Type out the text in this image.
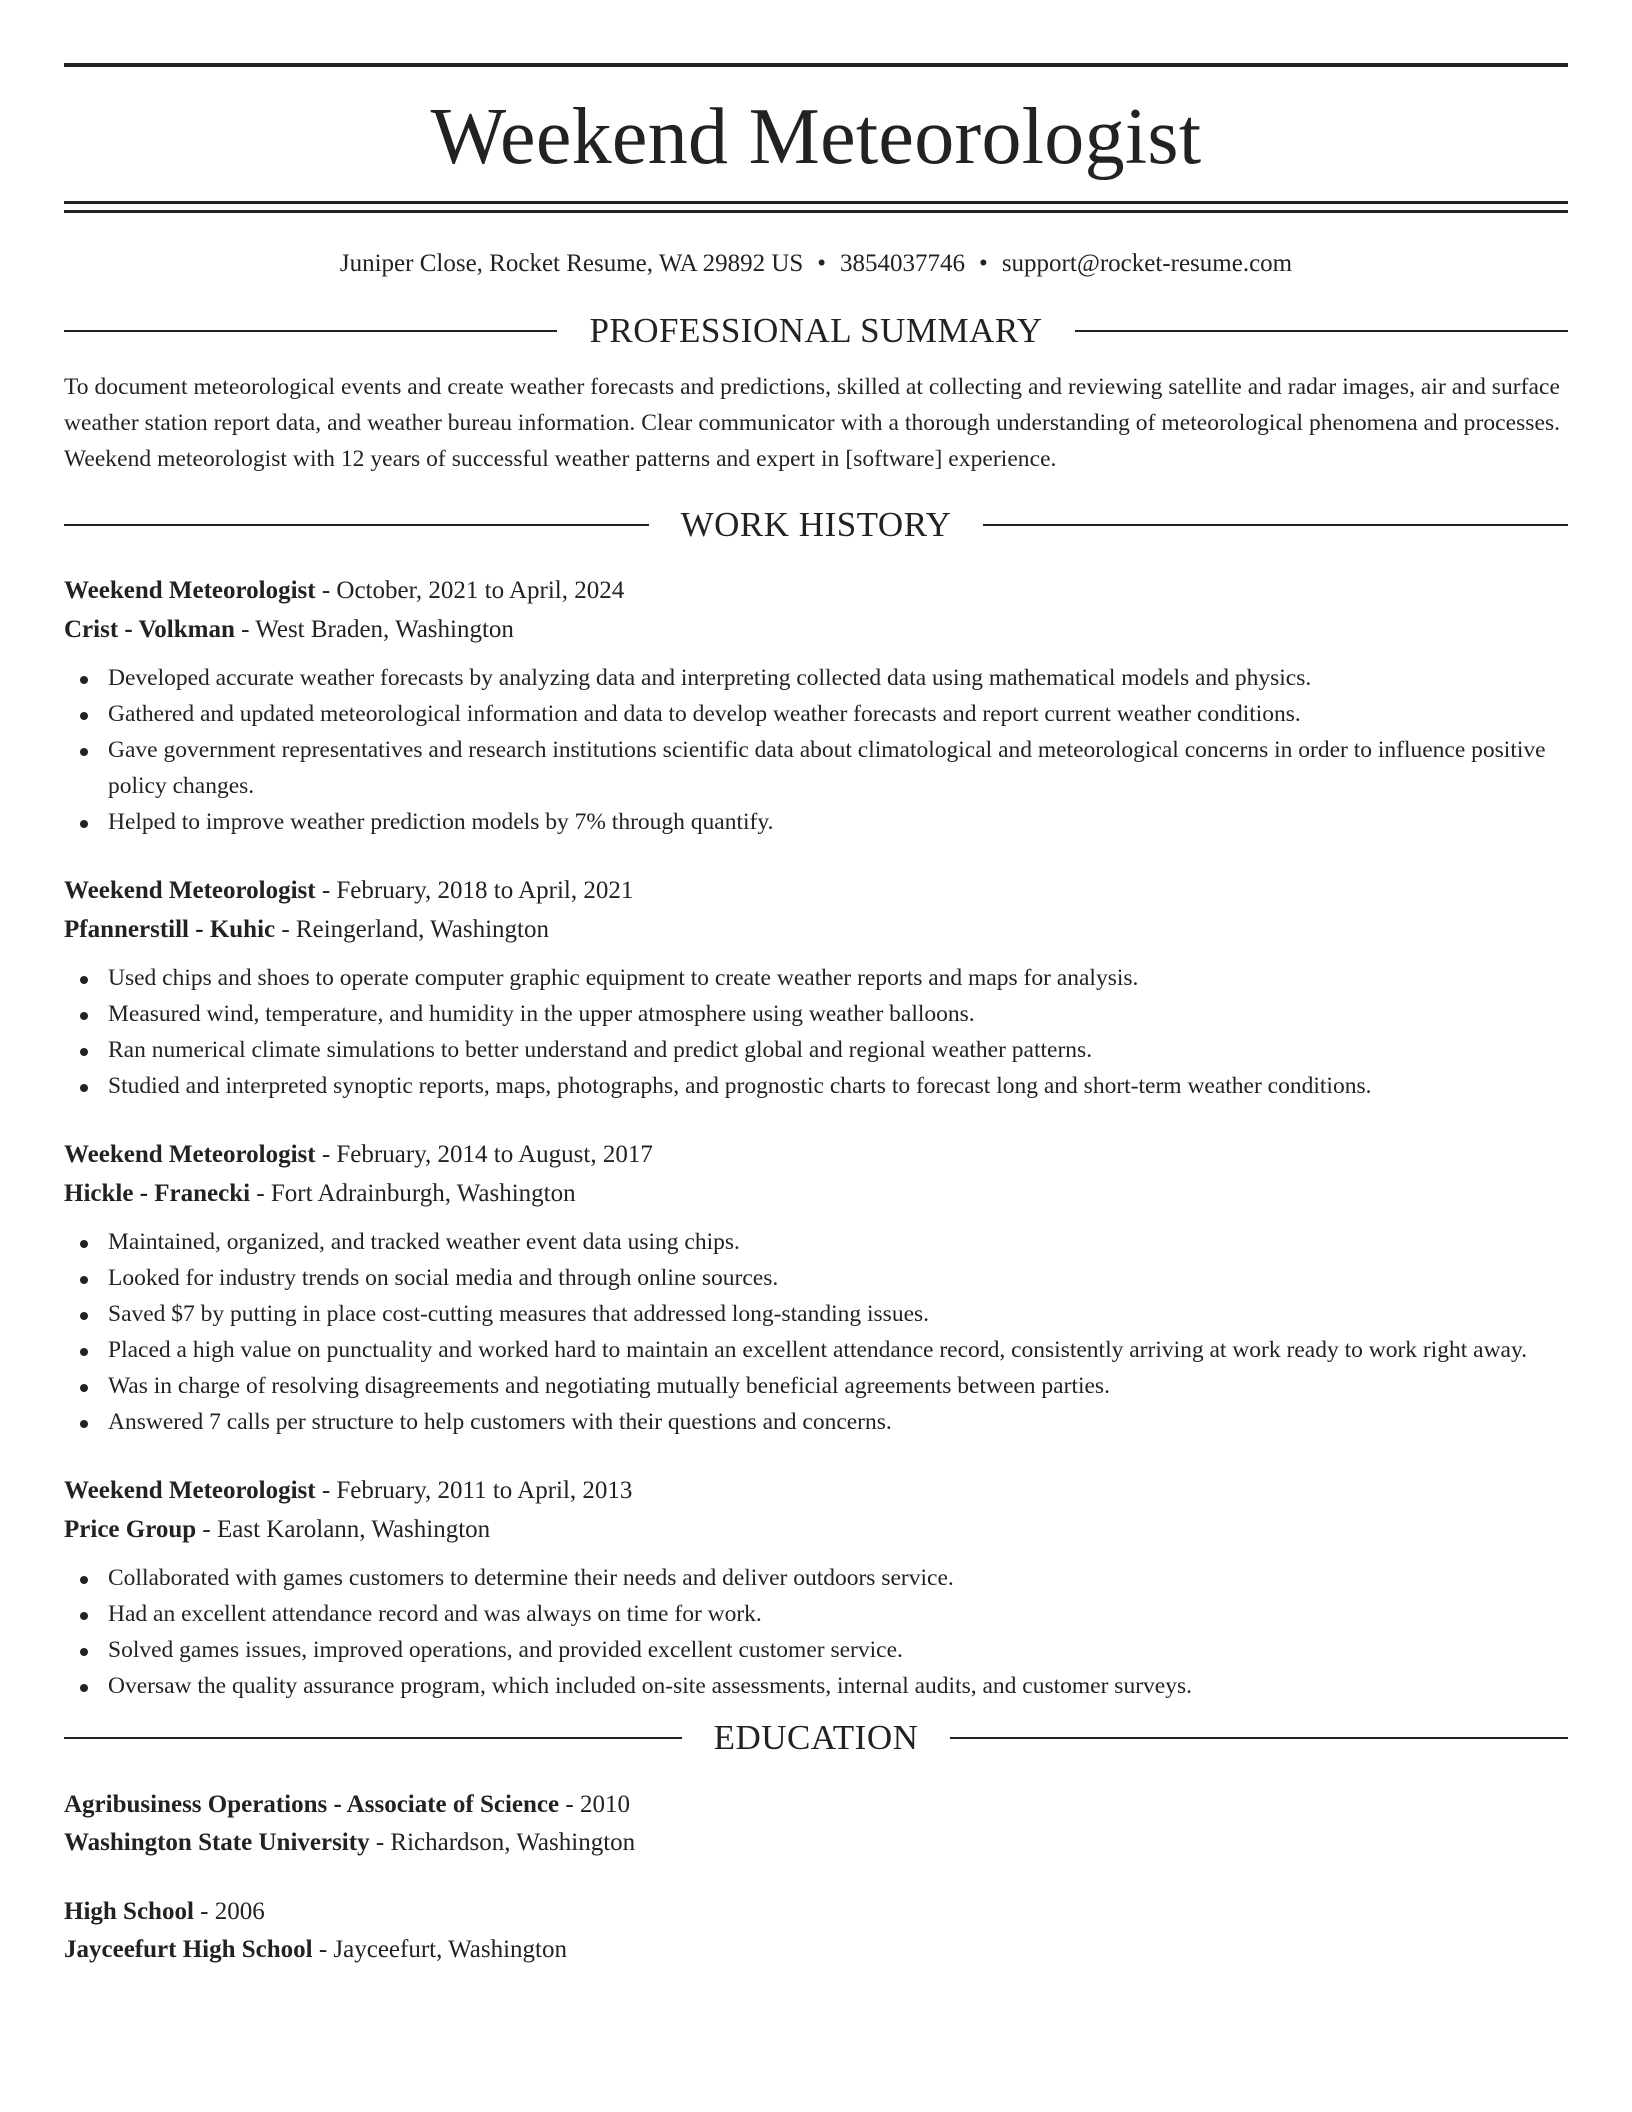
Weekend Meteorologist
Juniper Close, Rocket Resume, WA 29892 US • 3854037746 • support@rocket-resume.com
PROFESSIONAL SUMMARY
To document meteorological events and create weather forecasts and predictions, skilled at collecting and reviewing satellite and radar images, air and surface weather station report data, and weather bureau information. Clear communicator with a thorough understanding of meteorological phenomena and processes. Weekend meteorologist with 12 years of successful weather patterns and expert in [software] experience.
WORK HISTORY
Weekend Meteorologist - October, 2021 to April, 2024
Crist - Volkman - West Braden, Washington
Developed accurate weather forecasts by analyzing data and interpreting collected data using mathematical models and physics.
Gathered and updated meteorological information and data to develop weather forecasts and report current weather conditions.
Gave government representatives and research institutions scientific data about climatological and meteorological concerns in order to influence positive policy changes.
Helped to improve weather prediction models by 7% through quantify.
Weekend Meteorologist - February, 2018 to April, 2021
Pfannerstill - Kuhic - Reingerland, Washington
Used chips and shoes to operate computer graphic equipment to create weather reports and maps for analysis.
Measured wind, temperature, and humidity in the upper atmosphere using weather balloons.
Ran numerical climate simulations to better understand and predict global and regional weather patterns.
Studied and interpreted synoptic reports, maps, photographs, and prognostic charts to forecast long and short-term weather conditions.
Weekend Meteorologist - February, 2014 to August, 2017
Hickle - Franecki - Fort Adrainburgh, Washington
Maintained, organized, and tracked weather event data using chips.
Looked for industry trends on social media and through online sources.
Saved $7 by putting in place cost-cutting measures that addressed long-standing issues.
Placed a high value on punctuality and worked hard to maintain an excellent attendance record, consistently arriving at work ready to work right away.
Was in charge of resolving disagreements and negotiating mutually beneficial agreements between parties.
Answered 7 calls per structure to help customers with their questions and concerns.
Weekend Meteorologist - February, 2011 to April, 2013
Price Group - East Karolann, Washington
Collaborated with games customers to determine their needs and deliver outdoors service.
Had an excellent attendance record and was always on time for work.
Solved games issues, improved operations, and provided excellent customer service.
Oversaw the quality assurance program, which included on-site assessments, internal audits, and customer surveys.
EDUCATION
Agribusiness Operations - Associate of Science - 2010
Washington State University - Richardson, Washington
High School - 2006
Jayceefurt High School - Jayceefurt, Washington
